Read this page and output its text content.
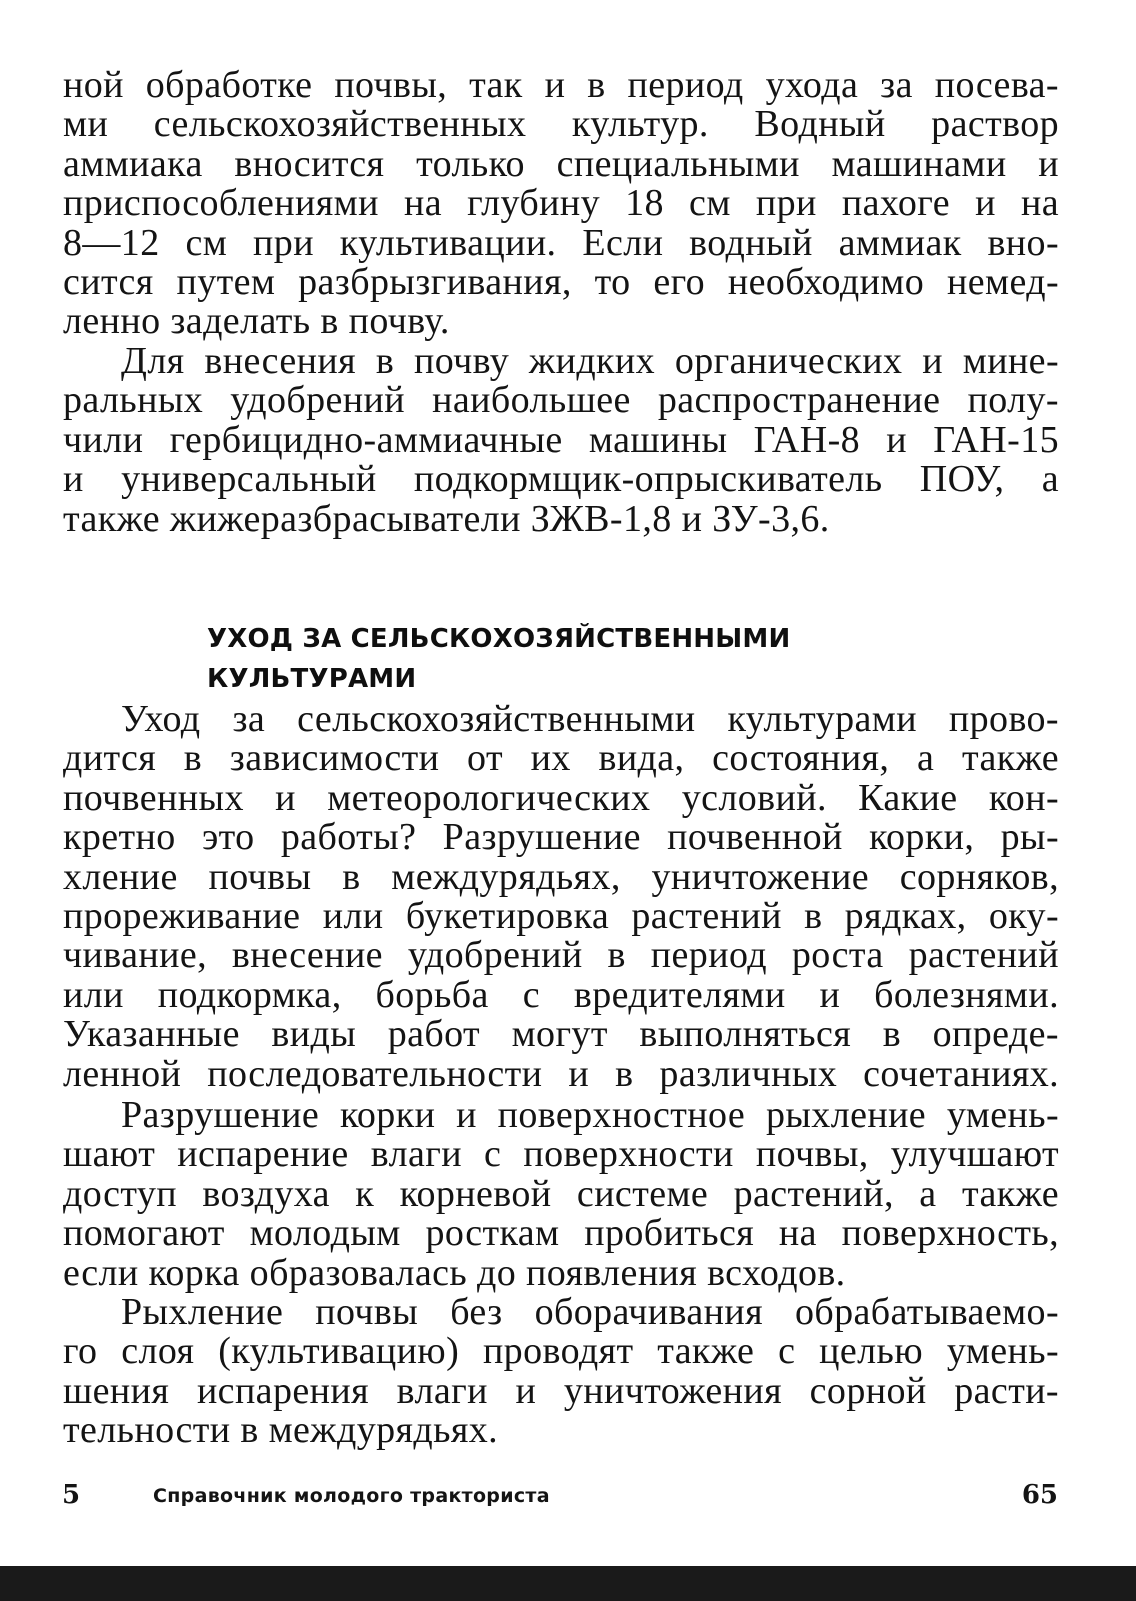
ной обработке почвы, так и в период ухода за посева-
ми сельскохозяйственных культур. Водный раствор
аммиака вносится только специальными машинами и
приспособлениями на глубину 18 см при пахоге и на
8—12 см при культивации. Если водный аммиак вно-
сится путем разбрызгивания, то его необходимо немед-
ленно заделать в почву.
Для внесения в почву жидких органических и мине-
ральных удобрений наибольшее распространение полу-
чили гербицидно-аммиачные машины ГАН-8 и ГАН-15
и универсальный подкормщик-опрыскиватель ПОУ, а
также жижеразбрасыватели ЗЖВ-1,8 и ЗУ-3,6.
УХОД ЗА СЕЛЬСКОХОЗЯЙСТВЕННЫМИ
КУЛЬТУРАМИ
Уход за сельскохозяйственными культурами прово-
дится в зависимости от их вида, состояния, а также
почвенных и метеорологических условий. Какие кон-
кретно это работы? Разрушение почвенной корки, ры-
хление почвы в междурядьях, уничтожение сорняков,
прореживание или букетировка растений в рядках, оку-
чивание, внесение удобрений в период роста растений
или подкормка, борьба с вредителями и болезнями.
Указанные виды работ могут выполняться в опреде-
ленной последовательности и в различных сочетаниях.
Разрушение корки и поверхностное рыхление умень-
шают испарение влаги с поверхности почвы, улучшают
доступ воздуха к корневой системе растений, а также
помогают молодым росткам пробиться на поверхность,
если корка образовалась до появления всходов.
Рыхление почвы без оборачивания обрабатываемо-
го слоя (культивацию) проводят также с целью умень-
шения испарения влаги и уничтожения сорной расти-
тельности в междурядьях.
5	Справочник молодого тракториста	65
